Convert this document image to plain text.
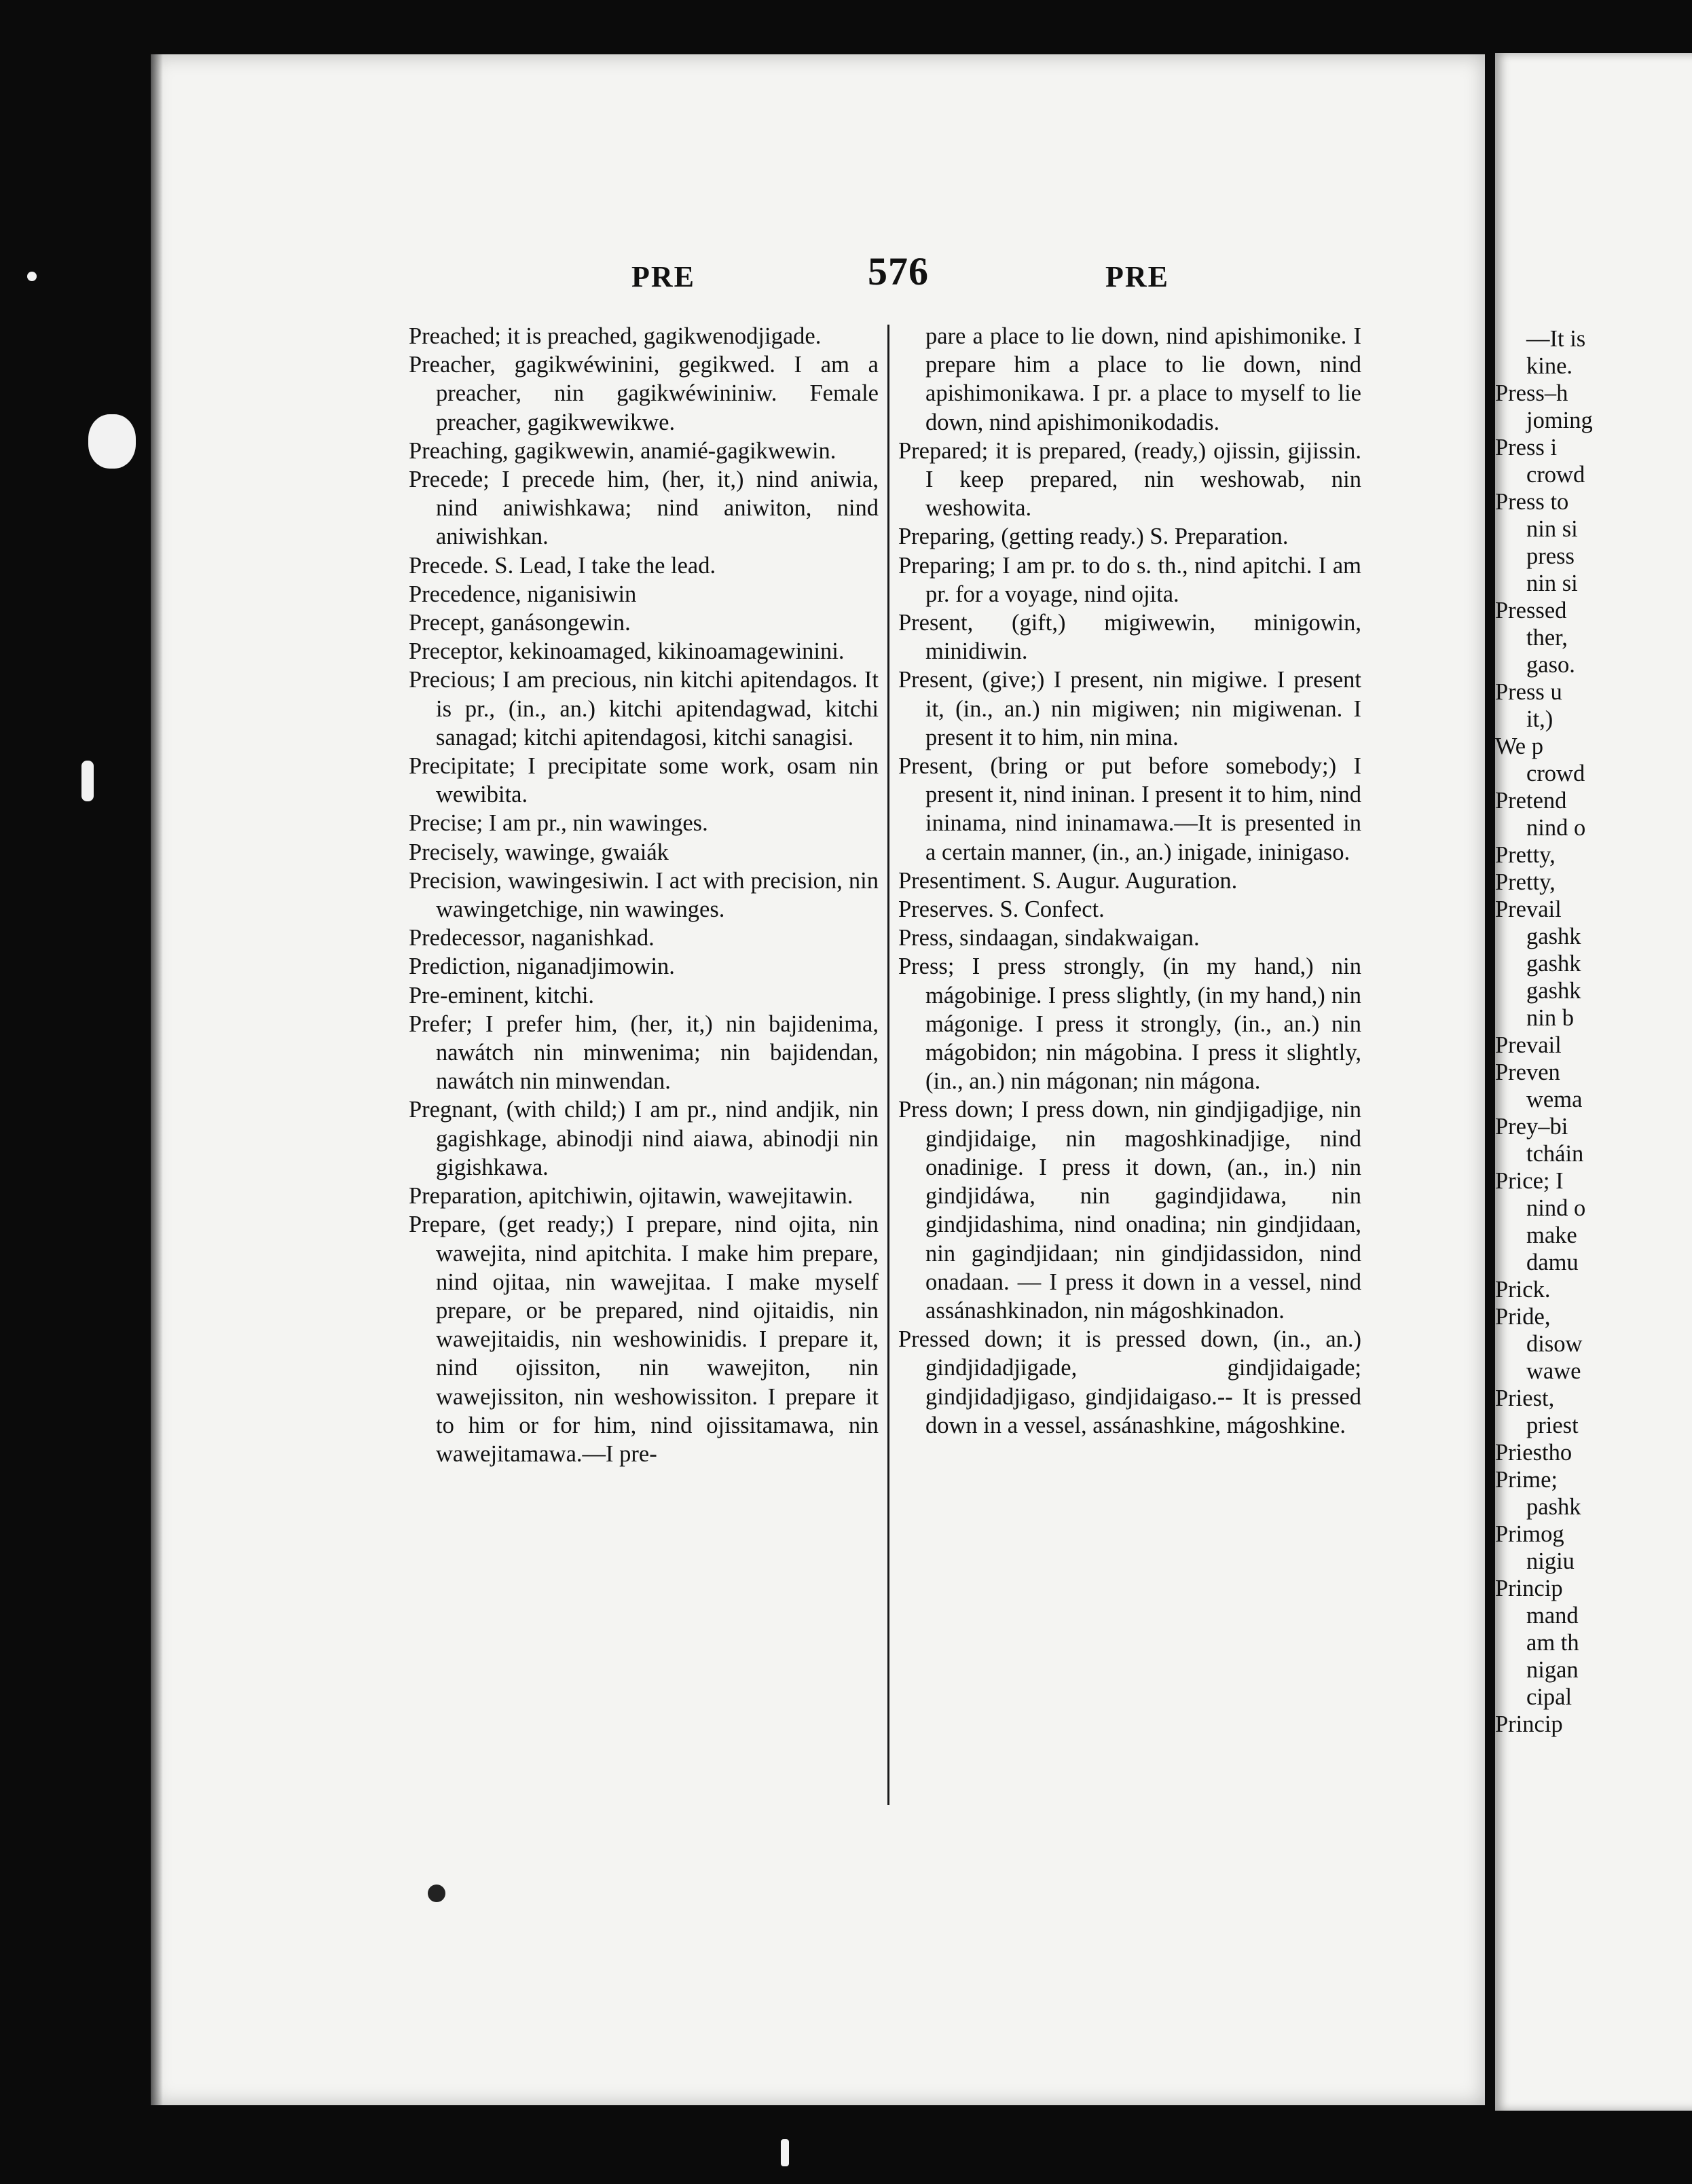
PRE	576	PRE

Preached; it is preached, gagikwenodjigade.

Preacher, gagikwéwinini, gegikwed. I am a preacher, nin gagikwéwininiw. Female preacher, gagikwewikwe.

Preaching, gagikwewin, anamié-gagikwewin.

Precede; I precede him, (her, it,) nind aniwia, nind aniwishkawa; nind aniwiton, nind aniwishkan.

Precede. S. Lead, I take the lead.

Precedence, niganisiwin

Precept, ganásongewin.

Preceptor, kekinoamaged, kikinoamagewinini.

Precious; I am precious, nin kitchi apitendagos. It is pr., (in., an.) kitchi apitendagwad, kitchi sanagad; kitchi apitendagosi, kitchi sanagisi.

Precipitate; I precipitate some work, osam nin wewibita.

Precise; I am pr., nin wawinges.

Precisely, wawinge, gwaiák

Precision, wawingesiwin. I act with precision, nin wawingetchige, nin wawinges.

Predecessor, naganishkad.

Prediction, niganadjimowin.

Pre-eminent, kitchi.

Prefer; I prefer him, (her, it,) nin bajidenima, nawátch nin minwenima; nin bajidendan, nawátch nin minwendan.

Pregnant, (with child;) I am pr., nind andjik, nin gagishkage, abinodji nind aiawa, abinodji nin gigishkawa.

Preparation, apitchiwin, ojitawin, wawejitawin.

Prepare, (get ready;) I prepare, nind ojita, nin wawejita, nind apitchita. I make him prepare, nind ojitaa, nin wawejitaa. I make myself prepare, or be prepared, nind ojitaidis, nin wawejitaidis, nin weshowinidis. I prepare it, nind ojissiton, nin wawejiton, nin wawejissiton, nin weshowissiton. I prepare it to him or for him, nind ojissitamawa, nin wawejitamawa.—I pre-

pare a place to lie down, nind apishimonike. I prepare him a place to lie down, nind apishimonikawa. I pr. a place to myself to lie down, nind apishimonikodadis.

Prepared; it is prepared, (ready,) ojissin, gijissin. I keep prepared, nin weshowab, nin weshowita.

Preparing, (getting ready.) S. Preparation.

Preparing; I am pr. to do s. th., nind apitchi. I am pr. for a voyage, nind ojita.

Present, (gift,) migiwewin, minigowin, minidiwin.

Present, (give;) I present, nin migiwe. I present it, (in., an.) nin migiwen; nin migiwenan. I present it to him, nin mina.

Present, (bring or put before somebody;) I present it, nind ininan. I present it to him, nind ininama, nind ininamawa.—It is presented in a certain manner, (in., an.) inigade, ininigaso.

Presentiment. S. Augur. Auguration.

Preserves. S. Confect.

Press, sindaagan, sindakwaigan.

Press; I press strongly, (in my hand,) nin mágobinige. I press slightly, (in my hand,) nin mágonige. I press it strongly, (in., an.) nin mágobidon; nin mágobina. I press it slightly, (in., an.) nin mágonan; nin mágona.

Press down; I press down, nin gindjigadjige, nin gindjidaige, nin magoshkinadjige, nind onadinige. I press it down, (an., in.) nin gindjidáwa, nin gagindjidawa, nin gindjidashima, nind onadina; nin gindjidaan, nin gagindjidaan; nin gindjidassidon, nind onadaan. — I press it down in a vessel, nind assánashkinadon, nin mágoshkinadon.

Pressed down; it is pressed down, (in., an.) gindjidadjigade, gindjidaigade; gindjidadjigaso, gindjidaigaso.-- It is pressed down in a vessel, assánashkine, mágoshkine.

—It is
kine.
Press–h
joming
Press i
crowd
Press to
nin si
press
nin si
Pressed
ther,
gaso.
Press u
it,)
We p
crowd
Pretend
nind o
Pretty,
Pretty,
Prevail
gashk
gashk
gashk
nin b
Prevail
Preven
wema
Prey–bi
tcháin
Price; I
nind o
make
damu
Prick.
Pride,
disow
wawe
Priest,
priest
Priestho
Prime;
pashk
Primog
nigiu
Princip
mand
am th
nigan
cipal
Princip
